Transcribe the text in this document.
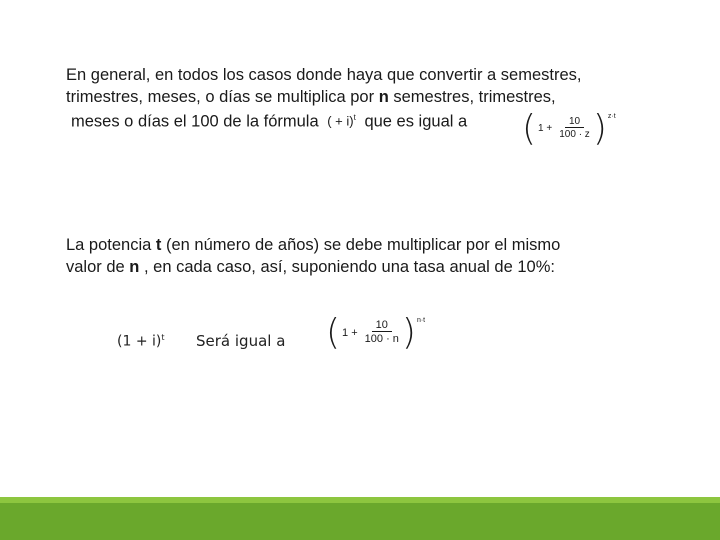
En general, en todos los casos donde haya que convertir a semestres,
trimestres, meses, o días se multiplica por n semestres, trimestres,
meses o días el 100 de la fórmula ( + i)$^t$ que es igual a	( $1 + \frac{10}{100 \cdot z} )^{z\cdot t}$

La potencia t (en número de años) se debe multiplicar por el mismo
valor de n , en cada caso, así, suponiendo una tasa anual de 10%:

$(1 + i)^t$ Será igual a ( $1 + \frac{10}{100 \cdot n} )^{n\cdot t}$
